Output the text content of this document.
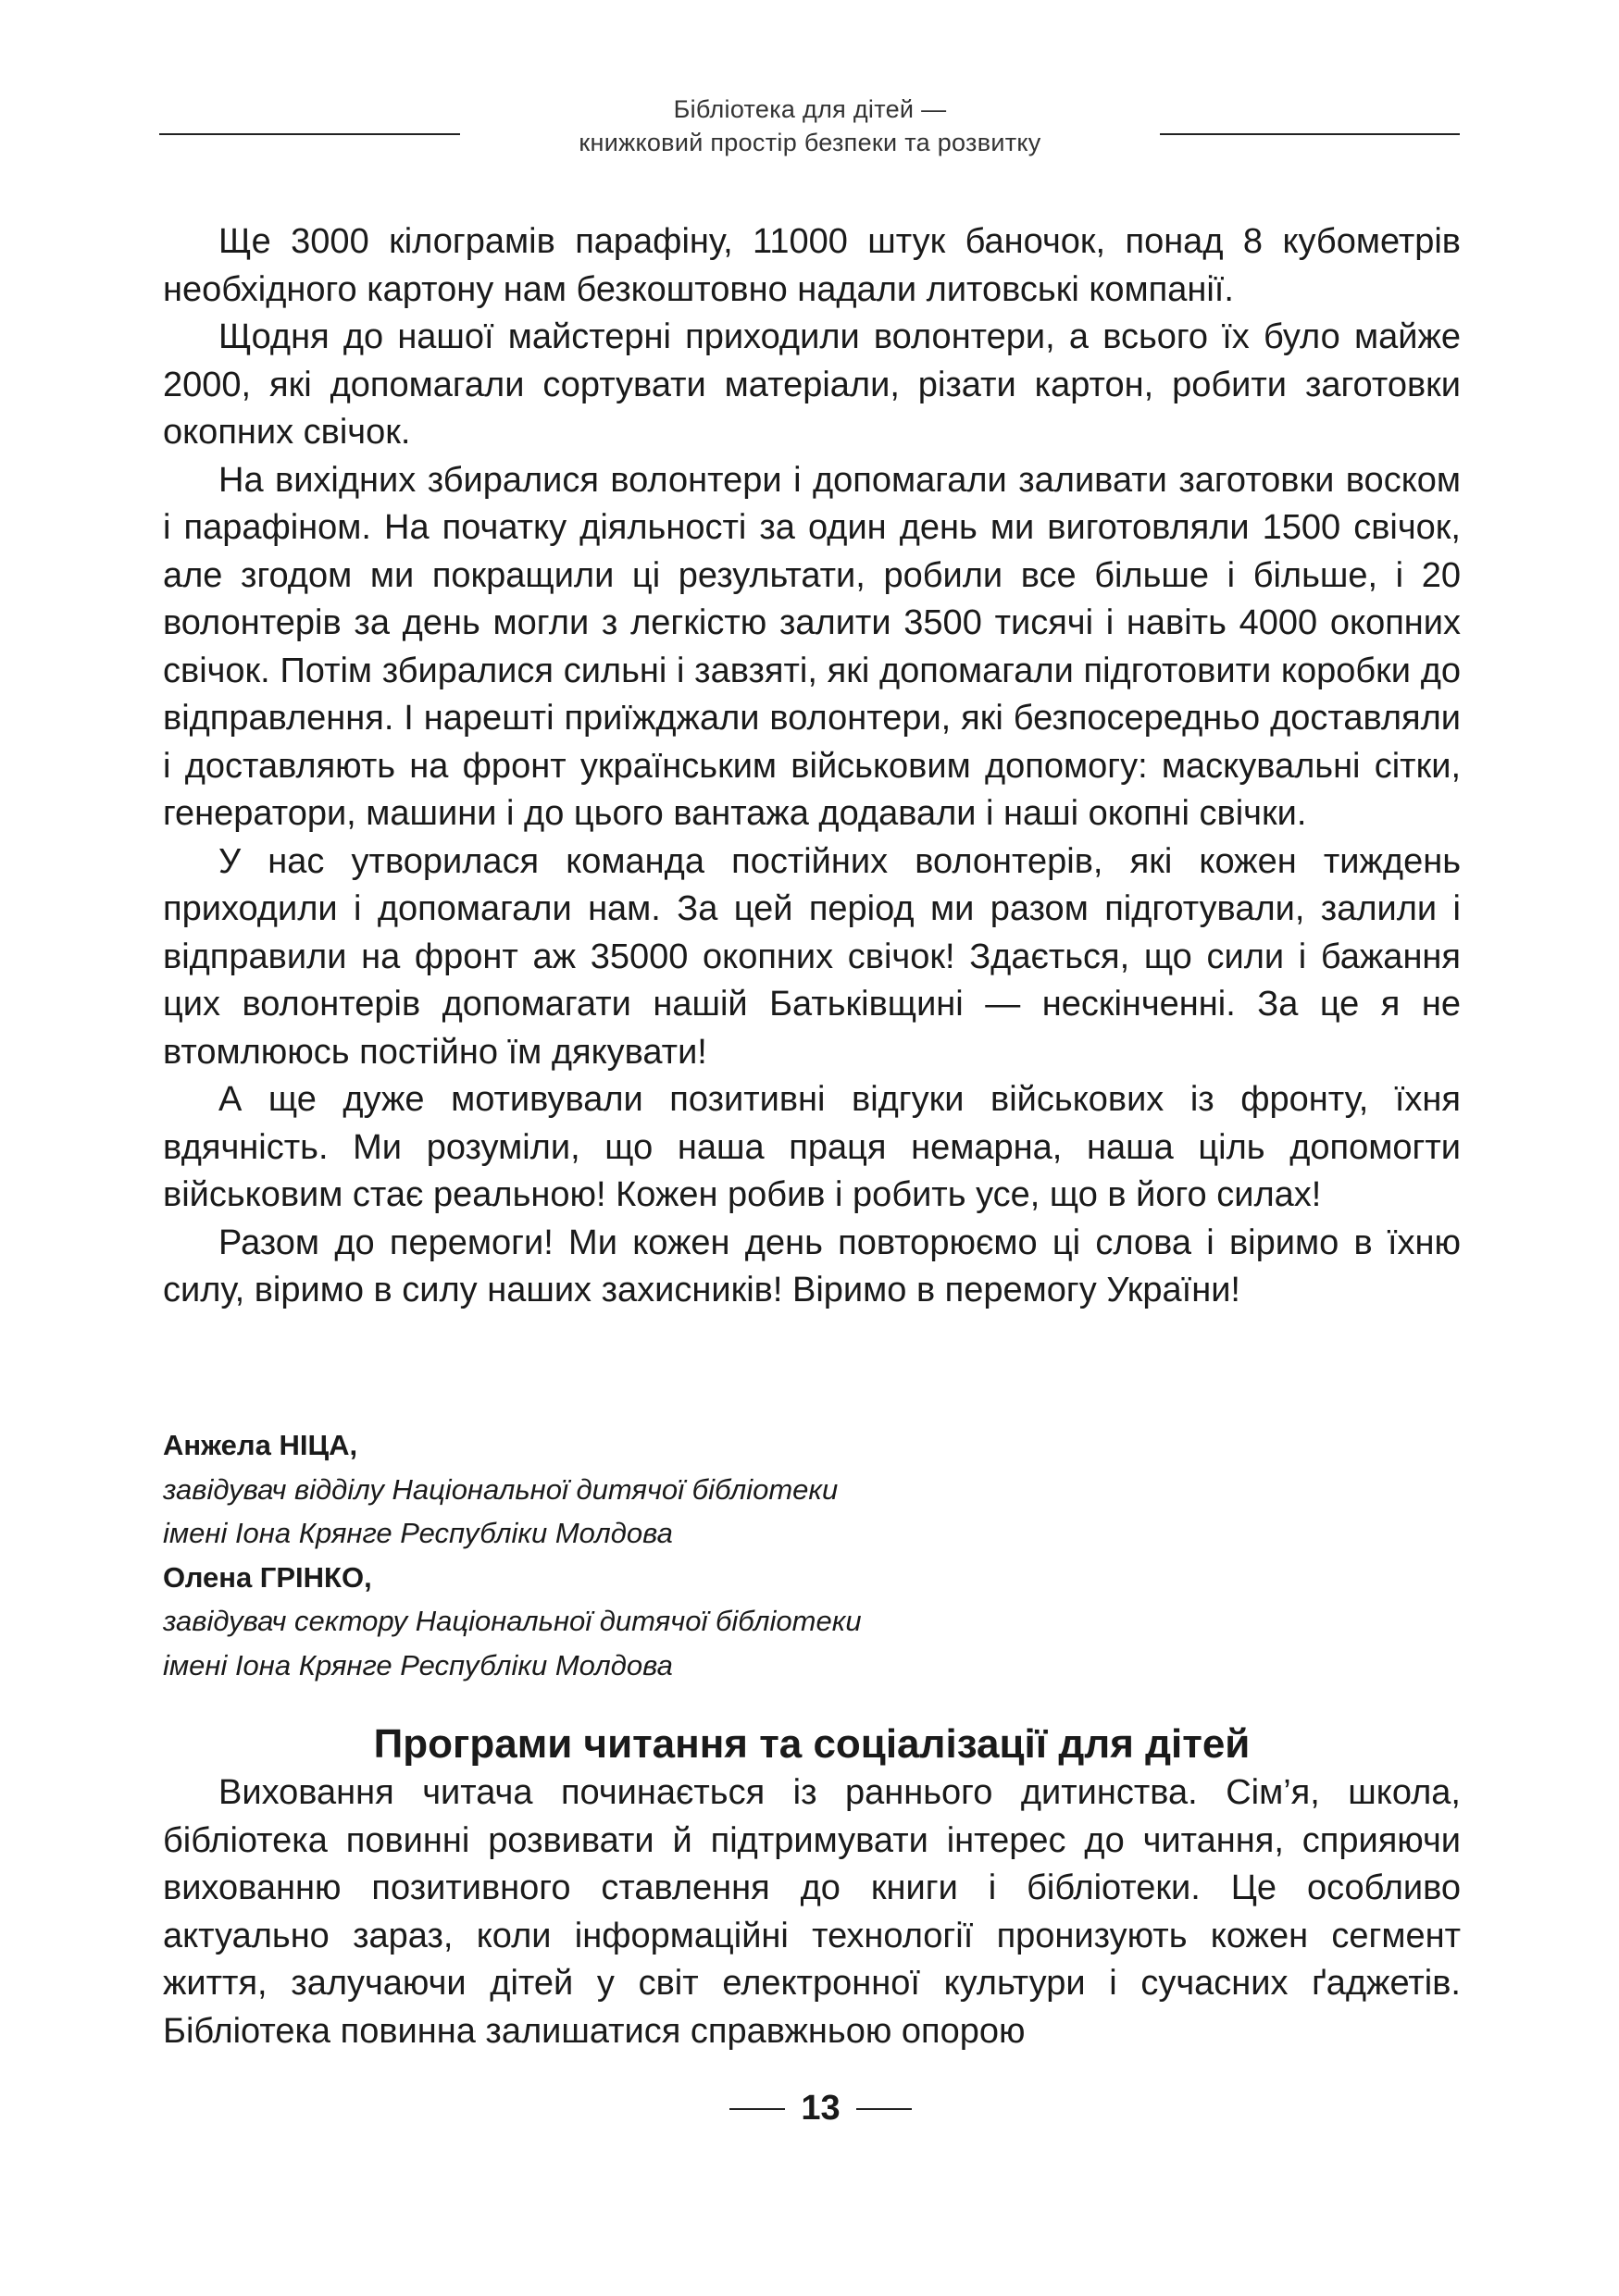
Бібліотека для дітей —
книжковий простір безпеки та розвитку

Ще 3000 кілограмів парафіну, 11000 штук баночок, понад 8 кубометрів необхідного картону нам безкоштовно надали литовські компанії.

Щодня до нашої майстерні приходили волонтери, а всього їх було майже 2000, які допомагали сортувати матеріали, різати картон, робити заготовки окопних свічок.

На вихідних збиралися волонтери і допомагали заливати заготовки воском і парафіном. На початку діяльності за один день ми виготовляли 1500 свічок, але згодом ми покращили ці результати, робили все більше і більше, і 20 волонтерів за день могли з легкістю залити 3500 тисячі і навіть 4000 окопних свічок. Потім збиралися сильні і завзяті, які допомагали підготовити коробки до відправлення. І нарешті приїжджали волонтери, які безпосередньо доставляли і доставляють на фронт українським військовим допомогу: маскувальні сітки, генератори, машини і до цього вантажа додавали і наші окопні свічки.

У нас утворилася команда постійних волонтерів, які кожен тиждень приходили і допомагали нам. За цей період ми разом підготували, залили і відправили на фронт аж 35000 окопних свічок! Здається, що сили і бажання цих волонтерів допомагати нашій Батьківщині — нескінченні. За це я не втомлююсь постійно їм дякувати!

А ще дуже мотивували позитивні відгуки військових із фронту, їхня вдячність. Ми розуміли, що наша праця немарна, наша ціль допомогти військовим стає реальною! Кожен робив і робить усе, що в його силах!

Разом до перемоги! Ми кожен день повторюємо ці слова і віримо в їхню силу, віримо в силу наших захисників! Віримо в перемогу України!

Анжела НІЦА,
завідувач відділу Національної дитячої бібліотеки
імені Іона Крянге Республіки Молдова
Олена ГРІНКО,
завідувач сектору Національної дитячої бібліотеки
імені Іона Крянге Республіки Молдова
Програми читання та соціалізації для дітей

Виховання читача починається із раннього дитинства. Сім’я, школа, бібліотека повинні розвивати й підтримувати інтерес до читання, сприяючи вихованню позитивного ставлення до книги і бібліотеки. Це особливо актуально зараз, коли інформаційні технології пронизують кожен сегмент життя, залучаючи дітей у світ електронної культури і сучасних ґаджетів. Бібліотека повинна залишатися справжньою опорою

13
